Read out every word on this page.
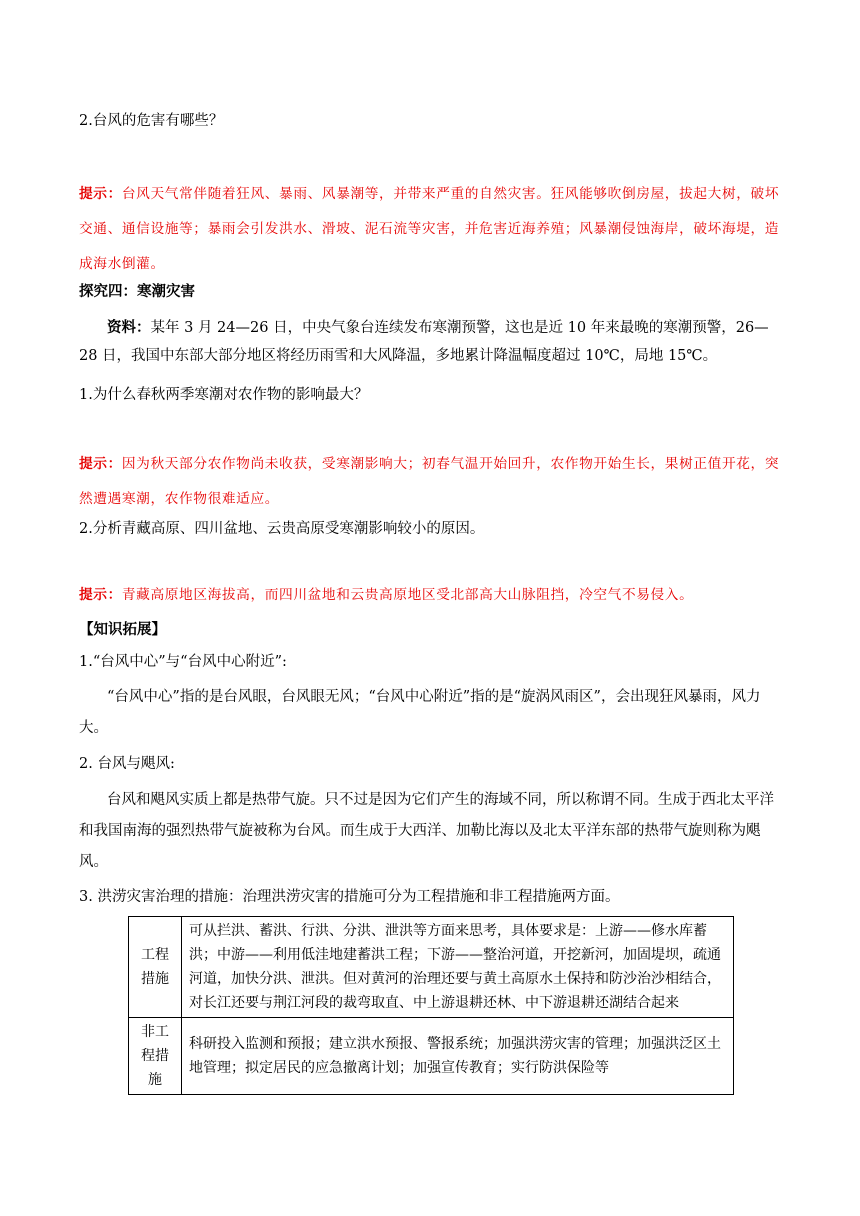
2.台风的危害有哪些？

提示：台风天气常伴随着狂风、暴雨、风暴潮等，并带来严重的自然灾害。狂风能够吹倒房屋，拔起大树，破坏交通、通信设施等；暴雨会引发洪水、滑坡、泥石流等灾害，并危害近海养殖；风暴潮侵蚀海岸，破坏海堤，造成海水倒灌。

探究四：寒潮灾害

资料：某年 3 月 24—26 日，中央气象台连续发布寒潮预警，这也是近 10 年来最晚的寒潮预警，26—28 日，我国中东部大部分地区将经历雨雪和大风降温，多地累计降温幅度超过 10℃，局地 15℃。

1.为什么春秋两季寒潮对农作物的影响最大？

提示：因为秋天部分农作物尚未收获，受寒潮影响大；初春气温开始回升，农作物开始生长，果树正值开花，突然遭遇寒潮，农作物很难适应。

2.分析青藏高原、四川盆地、云贵高原受寒潮影响较小的原因。

提示：青藏高原地区海拔高，而四川盆地和云贵高原地区受北部高大山脉阻挡，冷空气不易侵入。

【知识拓展】

1.“台风中心”与“台风中心附近”:

“台风中心”指的是台风眼，台风眼无风；“台风中心附近”指的是“旋涡风雨区”，会出现狂风暴雨，风力大。

2. 台风与飓风:

台风和飓风实质上都是热带气旋。只不过是因为它们产生的海域不同，所以称谓不同。生成于西北太平洋和我国南海的强烈热带气旋被称为台风。而生成于大西洋、加勒比海以及北太平洋东部的热带气旋则称为飓风。

3. 洪涝灾害治理的措施：治理洪涝灾害的措施可分为工程措施和非工程措施两方面。

工程措施	可从拦洪、蓄洪、行洪、分洪、泄洪等方面来思考，具体要求是：上游——修水库蓄洪；中游——利用低洼地建蓄洪工程；下游——整治河道，开挖新河，加固堤坝，疏通河道，加快分洪、泄洪。但对黄河的治理还要与黄土高原水土保持和防沙治沙相结合，对长江还要与荆江河段的裁弯取直、中上游退耕还林、中下游退耕还湖结合起来
非工程措施	科研投入监测和预报；建立洪水预报、警报系统；加强洪涝灾害的管理；加强洪泛区土地管理；拟定居民的应急撤离计划；加强宣传教育；实行防洪保险等
